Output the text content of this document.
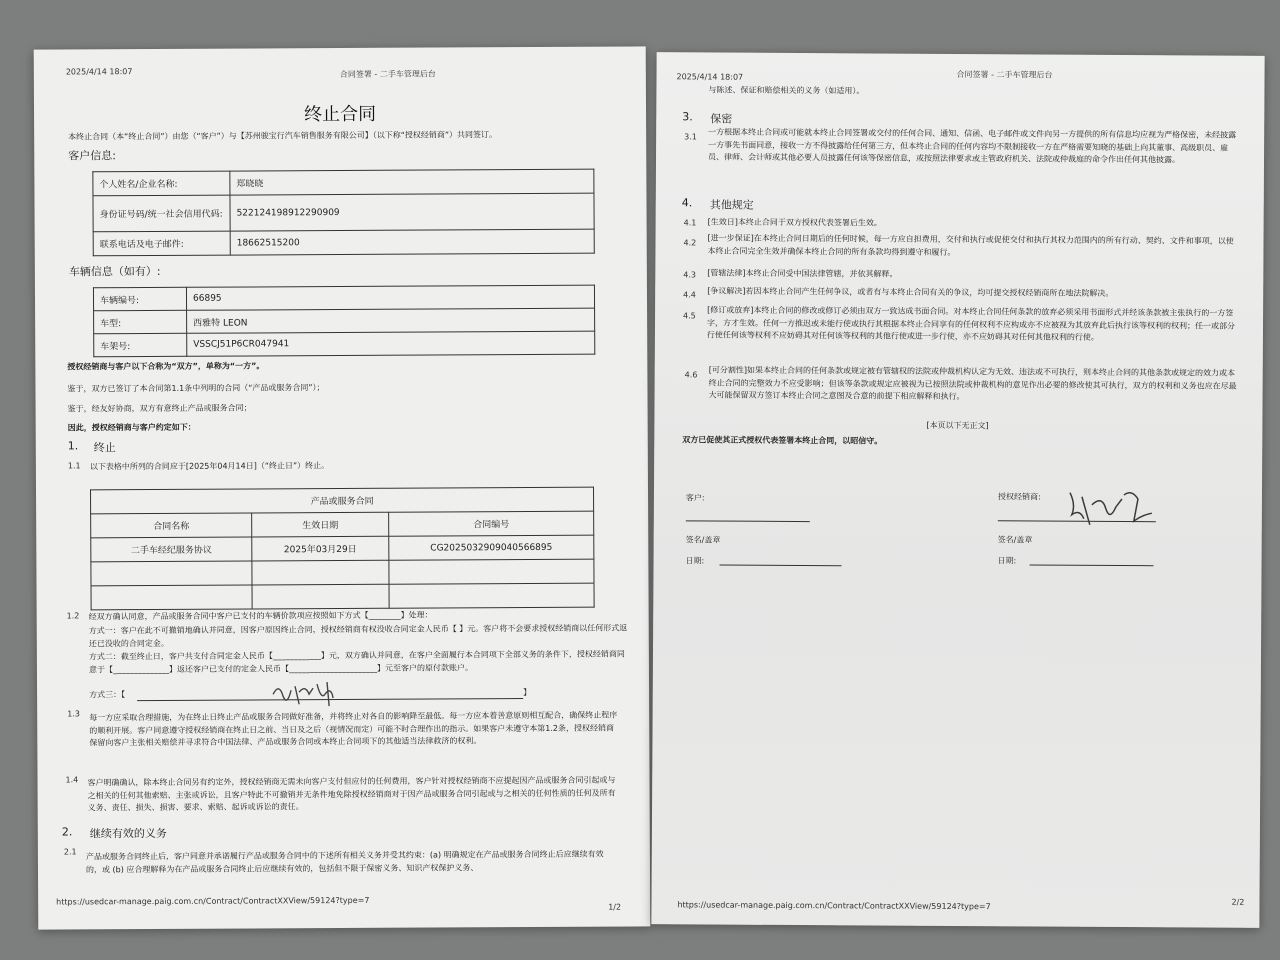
2025/4/14 18:07	合同签署 - 二手车管理后台
终止合同
本终止合同（本“终止合同”）由您（“客户”）与【苏州骏宝行汽车销售服务有限公司】（以下称“授权经销商”）共同签订。
客户信息:
个人姓名/企业名称:	郑晓晓
身份证号码/统一社会信用代码:	522124198912290909
联系电话及电子邮件:	18662515200
车辆信息（如有）:
车辆编号:	66895
车型:	西雅特 LEON
车架号:	VSSCJ51P6CR047941
授权经销商与客户以下合称为“双方”，单称为“一方”。
鉴于，双方已签订了本合同第1.1条中列明的合同（“产品或服务合同”）；
鉴于，经友好协商，双方有意终止产品或服务合同；
因此，授权经销商与客户约定如下：
1. 终止
1.1 以下表格中所列的合同应于[2025年04月14日]（“终止日”）终止。
产品或服务合同		
合同名称	生效日期	合同编号
二手车经纪服务协议	2025年03月29日	CG2025032909040566895

1.2 经双方确认同意，产品或服务合同中客户已支付的车辆价款项应按照如下方式【________】处理：
方式一：客户在此不可撤销地确认并同意，因客户原因终止合同，授权经销商有权没收合同定金人民币【 】元。客户将不会要求授权经销商以任何形式返还已没收的合同定金。
方式二：截至终止日，客户共支付合同定金人民币【____________】元，双方确认并同意，在客户全面履行本合同项下全部义务的条件下，授权经销商同意于【______________】返还客户已支付的定金人民币【______________________】元至客户的原付款账户。
方式三：【	】
1.3 每一方应采取合理措施，为在终止日终止产品或服务合同做好准备，并将终止对各自的影响降至最低。每一方应本着善意原则相互配合，确保终止程序的顺利开展。客户同意遵守授权经销商在终止日之前、当日及之后（视情况而定）可能不时合理作出的指示。如果客户未遵守本第1.2条，授权经销商保留向客户主张相关赔偿并寻求符合中国法律、产品或服务合同或本终止合同项下的其他适当法律救济的权利。
1.4 客户明确确认，除本终止合同另有约定外，授权经销商无需未向客户支付但应付的任何费用，客户针对授权经销商不应提起因产品或服务合同引起或与之相关的任何其他索赔、主张或诉讼，且客户特此不可撤销并无条件地免除授权经销商对于因产品或服务合同引起或与之相关的任何性质的任何及所有义务、责任、损失、损害、要求、索赔、起诉或诉讼的责任。
2. 继续有效的义务
2.1 产品或服务合同终止后，客户同意并承诺履行产品或服务合同中的下述所有相关义务并受其约束：(a) 明确规定在产品或服务合同终止后应继续有效的，或 (b) 应合理解释为在产品或服务合同终止后应继续有效的，包括但不限于保密义务、知识产权保护义务、
https://usedcar-manage.paig.com.cn/Contract/ContractXXView/59124?type=7
1/2
2025/4/14 18:07	合同签署 - 二手车管理后台
与陈述、保证和赔偿相关的义务（如适用）。
3. 保密
3.1 一方根据本终止合同或可能就本终止合同签署或交付的任何合同、通知、信函、电子邮件或文件向另一方提供的所有信息均应视为严格保密，未经披露一方事先书面同意，接收一方不得披露给任何第三方，但本终止合同的任何内容均不限制接收一方在严格需要知晓的基础上向其董事、高级职员、雇员、律师、会计师或其他必要人员披露任何该等保密信息，或按照法律要求或主管政府机关、法院或仲裁庭的命令作出任何其他披露。
4. 其他规定
4.1 [生效日]本终止合同于双方授权代表签署后生效。
4.2 [进一步保证]在本终止合同日期后的任何时候，每一方应自担费用，交付和执行或促使交付和执行其权力范围内的所有行动、契约、文件和事项，以使本终止合同完全生效并确保本终止合同的所有条款均得到遵守和履行。
4.3 [管辖法律]本终止合同受中国法律管辖，并依其解释。
4.4 [争议解决]若因本终止合同产生任何争议，或者有与本终止合同有关的争议，均可提交授权经销商所在地法院解决。
4.5 [修订或放弃]本终止合同的修改或修订必须由双方一致达成书面合同。对本终止合同任何条款的放弃必须采用书面形式并经该条款被主张执行的一方签字，方才生效。任何一方推迟或未能行使或执行其根据本终止合同享有的任何权利不应构成亦不应被视为其放弃此后执行该等权利的权利；任一或部分行使任何该等权利不应妨碍其对任何该等权利的其他行使或进一步行使，亦不应妨碍其对任何其他权利的行使。
4.6 [可分割性]如果本终止合同的任何条款或规定被有管辖权的法院或仲裁机构认定为无效、违法或不可执行，则本终止合同的其他条款或规定的效力或本终止合同的完整效力不应受影响；但该等条款或规定应被视为已按照法院或仲裁机构的意见作出必要的修改使其可执行，双方的权利和义务也应在尽最大可能保留双方签订本终止合同之意图及合意的前提下相应解释和执行。
[本页以下无正文]
双方已促使其正式授权代表签署本终止合同，以昭信守。
客户:
签名/盖章
日期:
授权经销商:
签名/盖章
日期:
https://usedcar-manage.paig.com.cn/Contract/ContractXXView/59124?type=7	2/2
